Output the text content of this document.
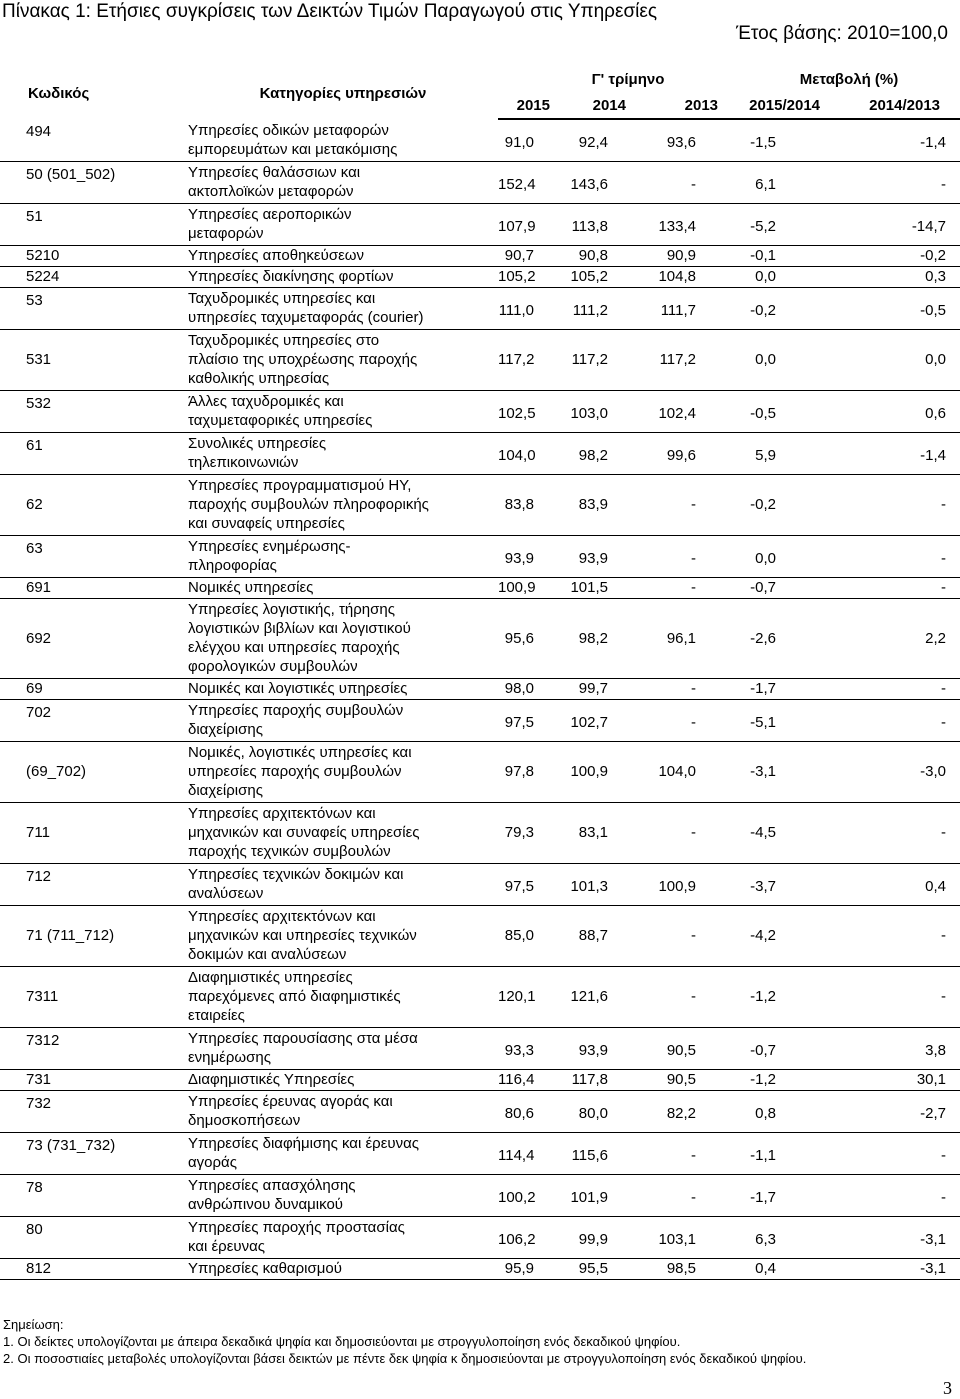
Πίνακας 1: Ετήσιες συγκρίσεις των Δεικτών Τιμών Παραγωγού στις Υπηρεσίες
Έτος βάσης: 2010=100,0
Κωδικός	Κατηγορίες υπηρεσιών	Γ' τρίμηνο			Μεταβολή (%)	
		2015	2014	2013	2015/2014	2014/2013
494	Υπηρεσίες οδικών μεταφορών
εμπορευμάτων και μετακόμισης	91,0	92,4	93,6	-1,5	-1,4
50 (501_502)	Υπηρεσίες θαλάσσιων και
ακτοπλοϊκών μεταφορών	152,4	143,6	-	6,1	-
51	Υπηρεσίες αεροπορικών
μεταφορών	107,9	113,8	133,4	-5,2	-14,7
5210	Υπηρεσίες αποθηκεύσεων	90,7	90,8	90,9	-0,1	-0,2
5224	Υπηρεσίες διακίνησης φορτίων	105,2	105,2	104,8	0,0	0,3
53	Ταχυδρομικές υπηρεσίες και
υπηρεσίες ταχυμεταφοράς (courier)	111,0	111,2	111,7	-0,2	-0,5
531	Ταχυδρομικές υπηρεσίες στο
πλαίσιο της υποχρέωσης παροχής
καθολικής υπηρεσίας	117,2	117,2	117,2	0,0	0,0
532	Άλλες ταχυδρομικές και
ταχυμεταφορικές υπηρεσίες	102,5	103,0	102,4	-0,5	0,6
61	Συνολικές υπηρεσίες
τηλεπικοινωνιών	104,0	98,2	99,6	5,9	-1,4
62	Υπηρεσίες προγραμματισμού ΗΥ,
παροχής συμβουλών πληροφορικής
και συναφείς υπηρεσίες	83,8	83,9	-	-0,2	-
63	Υπηρεσίες ενημέρωσης-
πληροφορίας	93,9	93,9	-	0,0	-
691	Νομικές υπηρεσίες	100,9	101,5	-	-0,7	-
692	Υπηρεσίες λογιστικής, τήρησης
λογιστικών βιβλίων και λογιστικού
ελέγχου και υπηρεσίες παροχής
φορολογικών συμβουλών	95,6	98,2	96,1	-2,6	2,2
69	Νομικές και λογιστικές υπηρεσίες	98,0	99,7	-	-1,7	-
702	Υπηρεσίες παροχής συμβουλών
διαχείρισης	97,5	102,7	-	-5,1	-
(69_702)	Νομικές, λογιστικές υπηρεσίες και
υπηρεσίες παροχής συμβουλών
διαχείρισης	97,8	100,9	104,0	-3,1	-3,0
711	Υπηρεσίες αρχιτεκτόνων και
μηχανικών και συναφείς υπηρεσίες
παροχής τεχνικών συμβουλών	79,3	83,1	-	-4,5	-
712	Υπηρεσίες τεχνικών δοκιμών και
αναλύσεων	97,5	101,3	100,9	-3,7	0,4
71 (711_712)	Υπηρεσίες αρχιτεκτόνων και
μηχανικών και υπηρεσίες τεχνικών
δοκιμών και αναλύσεων	85,0	88,7	-	-4,2	-
7311	Διαφημιστικές υπηρεσίες
παρεχόμενες από διαφημιστικές
εταιρείες	120,1	121,6	-	-1,2	-
7312	Υπηρεσίες παρουσίασης στα μέσα
ενημέρωσης	93,3	93,9	90,5	-0,7	3,8
731	Διαφημιστικές Υπηρεσίες	116,4	117,8	90,5	-1,2	30,1
732	Υπηρεσίες έρευνας αγοράς και
δημοσκοπήσεων	80,6	80,0	82,2	0,8	-2,7
73 (731_732)	Υπηρεσίες διαφήμισης και έρευνας
αγοράς	114,4	115,6	-	-1,1	-
78	Υπηρεσίες απασχόλησης
ανθρώπινου δυναμικού	100,2	101,9	-	-1,7	-
80	Υπηρεσίες παροχής προστασίας
και έρευνας	106,2	99,9	103,1	6,3	-3,1
812	Υπηρεσίες καθαρισμού	95,9	95,5	98,5	0,4	-3,1
Σημείωση:
1. Οι δείκτες υπολογίζονται με άπειρα δεκαδικά ψηφία και δημοσιεύονται με στρογγυλοποίηση ενός δεκαδικού ψηφίου.
2. Οι ποσοστιαίες μεταβολές υπολογίζονται βάσει δεικτών με πέντε δεκ ψηφία κ δημοσιεύονται με στρογγυλοποίηση ενός δεκαδικού ψηφίου.
3
